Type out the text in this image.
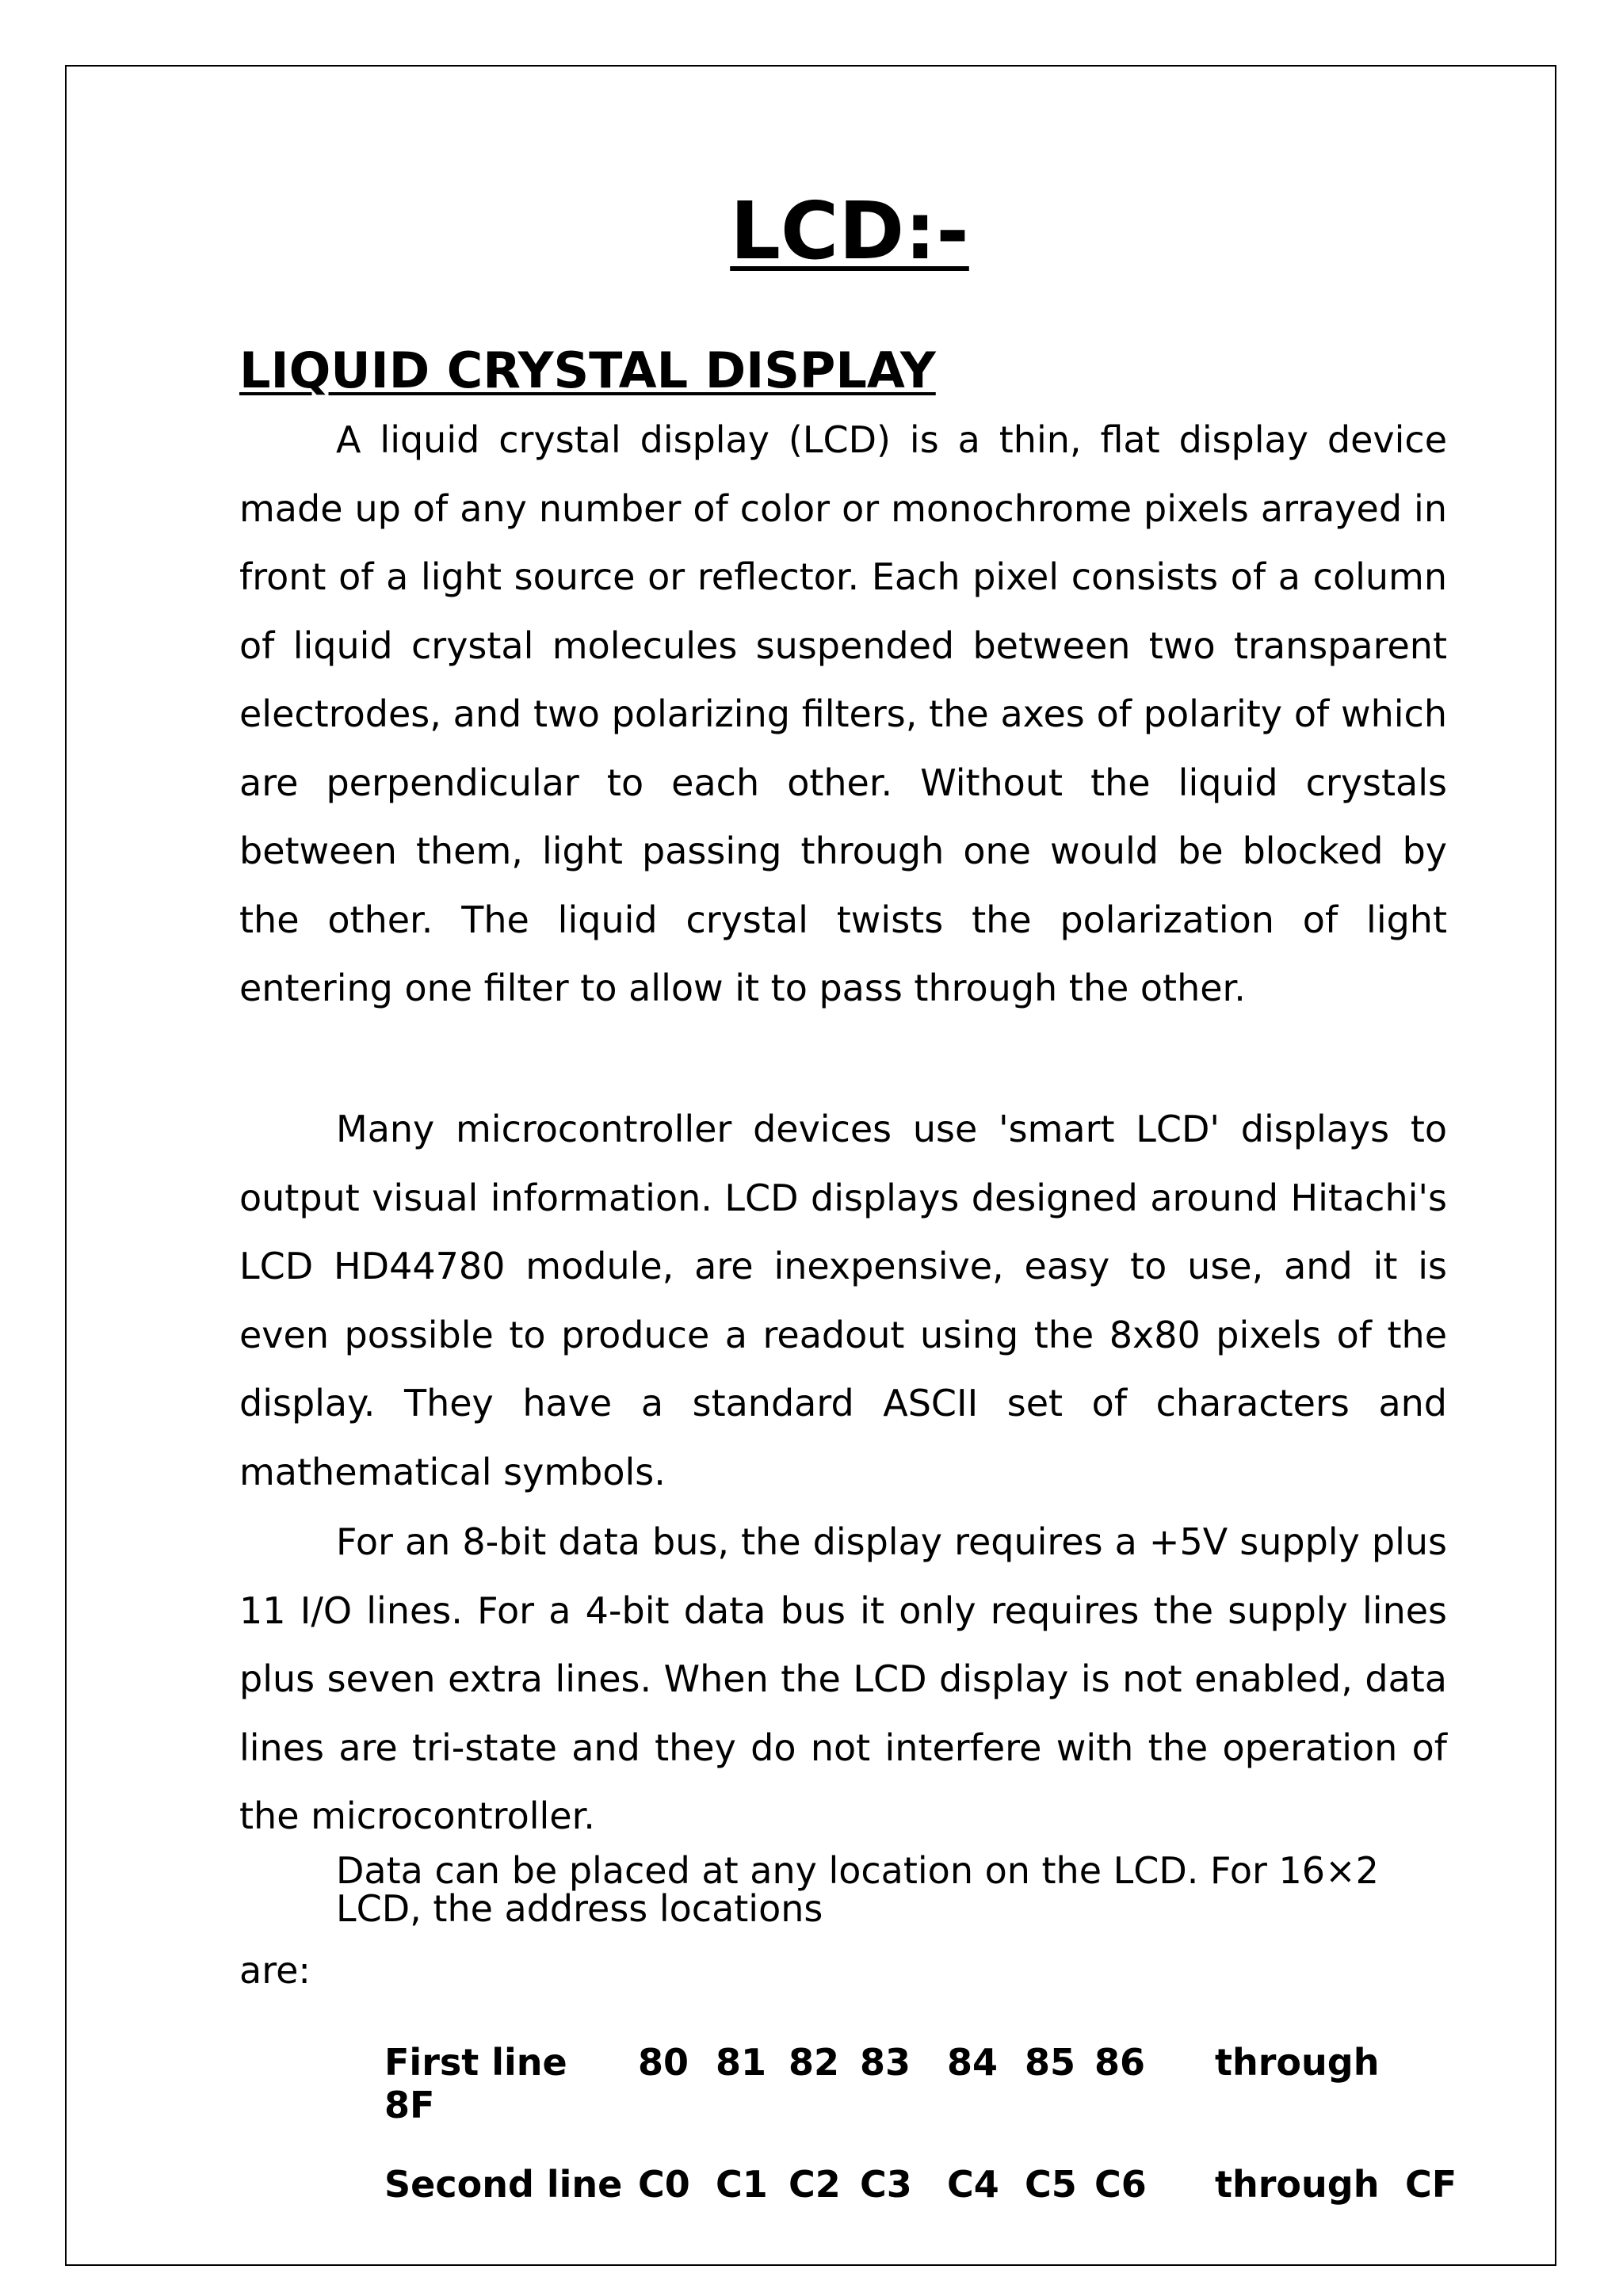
LCD:-
LIQUID CRYSTAL DISPLAY

A liquid crystal display (LCD) is a thin, flat display device made up of any number of color or monochrome pixels arrayed in front of a light source or reflector. Each pixel consists of a column of liquid crystal molecules suspended between two transparent electrodes, and two polarizing filters, the axes of polarity of which are perpendicular to each other. Without the liquid crystals between them, light passing through one would be blocked by the other. The liquid crystal twists the polarization of light entering one filter to allow it to pass through the other.

Many microcontroller devices use 'smart LCD' displays to output visual information. LCD displays designed around Hitachi's LCD HD44780 module, are inexpensive, easy to use, and it is even possible to produce a readout using the 8x80 pixels of the display. They have a standard ASCII set of characters and mathematical symbols.

For an 8-bit data bus, the display requires a +5V supply plus 11 I/O lines. For a 4-bit data bus it only requires the supply lines plus seven extra lines. When the LCD display is not enabled, data lines are tri-state and they do not interfere with the operation of the microcontroller.

Data can be placed at any location on the LCD. For 16×2 LCD, the address locations

are:

First line 80 81 82 83 84 85 86 through
8F
Second line C0 C1 C2 C3 C4 C5 C6 through CF
